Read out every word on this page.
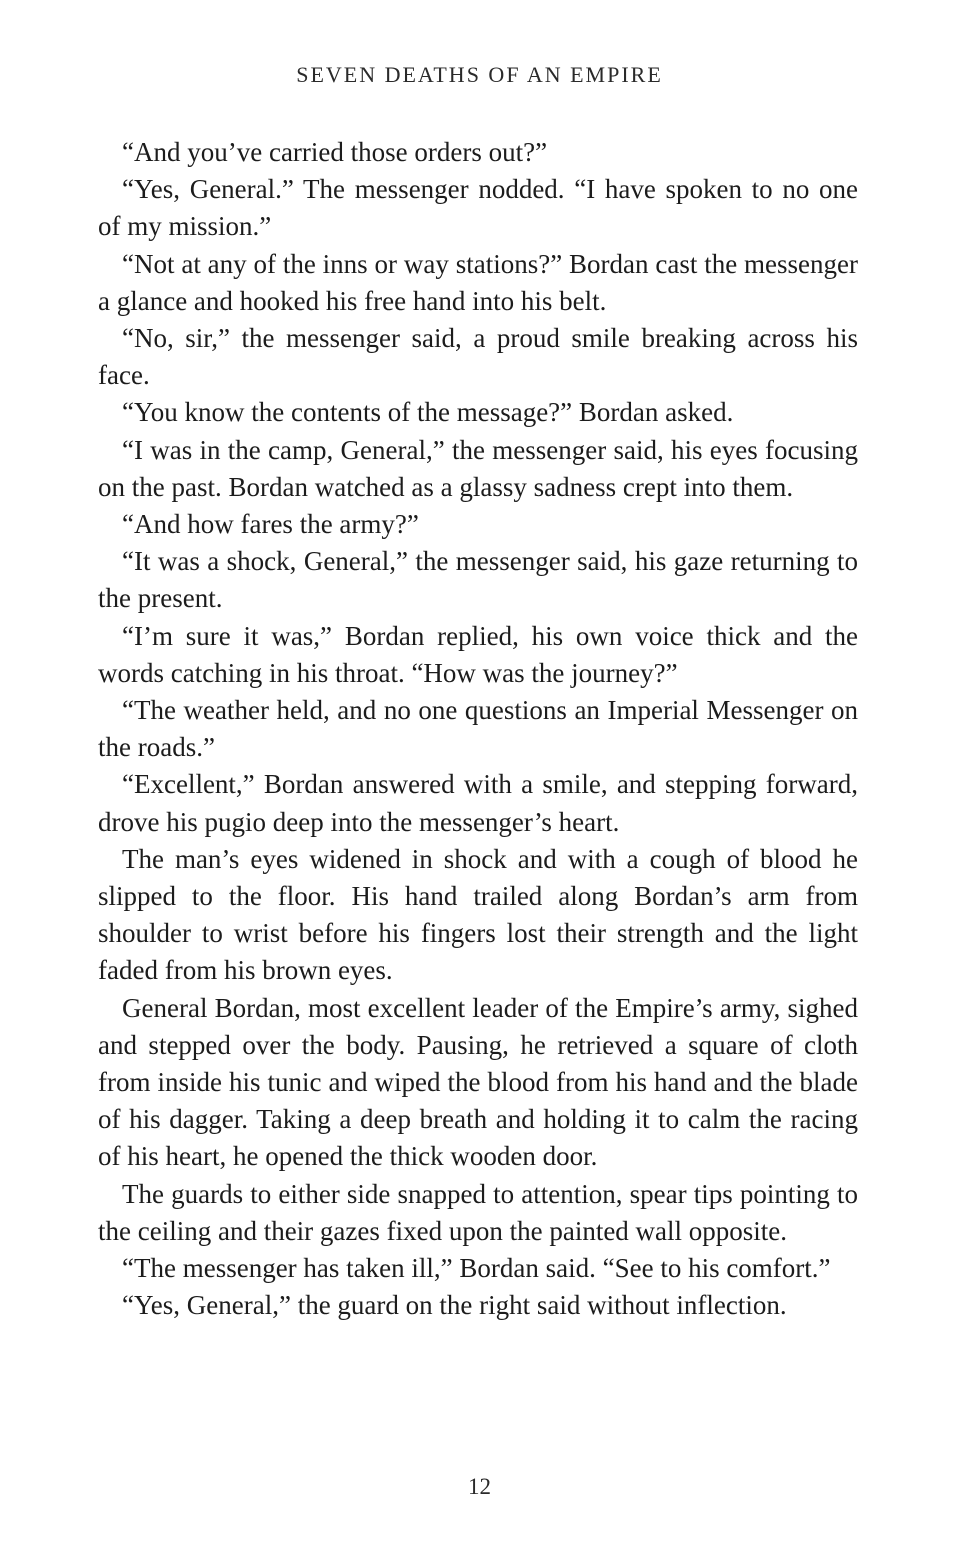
SEVEN DEATHS OF AN EMPIRE

“And you’ve carried those orders out?”

“Yes, General.” The messenger nodded. “I have spoken to no one of my mission.”

“Not at any of the inns or way stations?” Bordan cast the messenger a glance and hooked his free hand into his belt.

“No, sir,” the messenger said, a proud smile breaking across his face.

“You know the contents of the message?” Bordan asked.

“I was in the camp, General,” the messenger said, his eyes focusing on the past. Bordan watched as a glassy sadness crept into them.

“And how fares the army?”

“It was a shock, General,” the messenger said, his gaze returning to the present.

“I’m sure it was,” Bordan replied, his own voice thick and the words catching in his throat. “How was the journey?”

“The weather held, and no one questions an Imperial Messenger on the roads.”

“Excellent,” Bordan answered with a smile, and stepping forward, drove his pugio deep into the messenger’s heart.

The man’s eyes widened in shock and with a cough of blood he slipped to the floor. His hand trailed along Bordan’s arm from shoulder to wrist before his fingers lost their strength and the light faded from his brown eyes.

General Bordan, most excellent leader of the Empire’s army, sighed and stepped over the body. Pausing, he retrieved a square of cloth from inside his tunic and wiped the blood from his hand and the blade of his dagger. Taking a deep breath and holding it to calm the racing of his heart, he opened the thick wooden door.

The guards to either side snapped to attention, spear tips pointing to the ceiling and their gazes fixed upon the painted wall opposite.

“The messenger has taken ill,” Bordan said. “See to his comfort.”

“Yes, General,” the guard on the right said without inflection.

12
